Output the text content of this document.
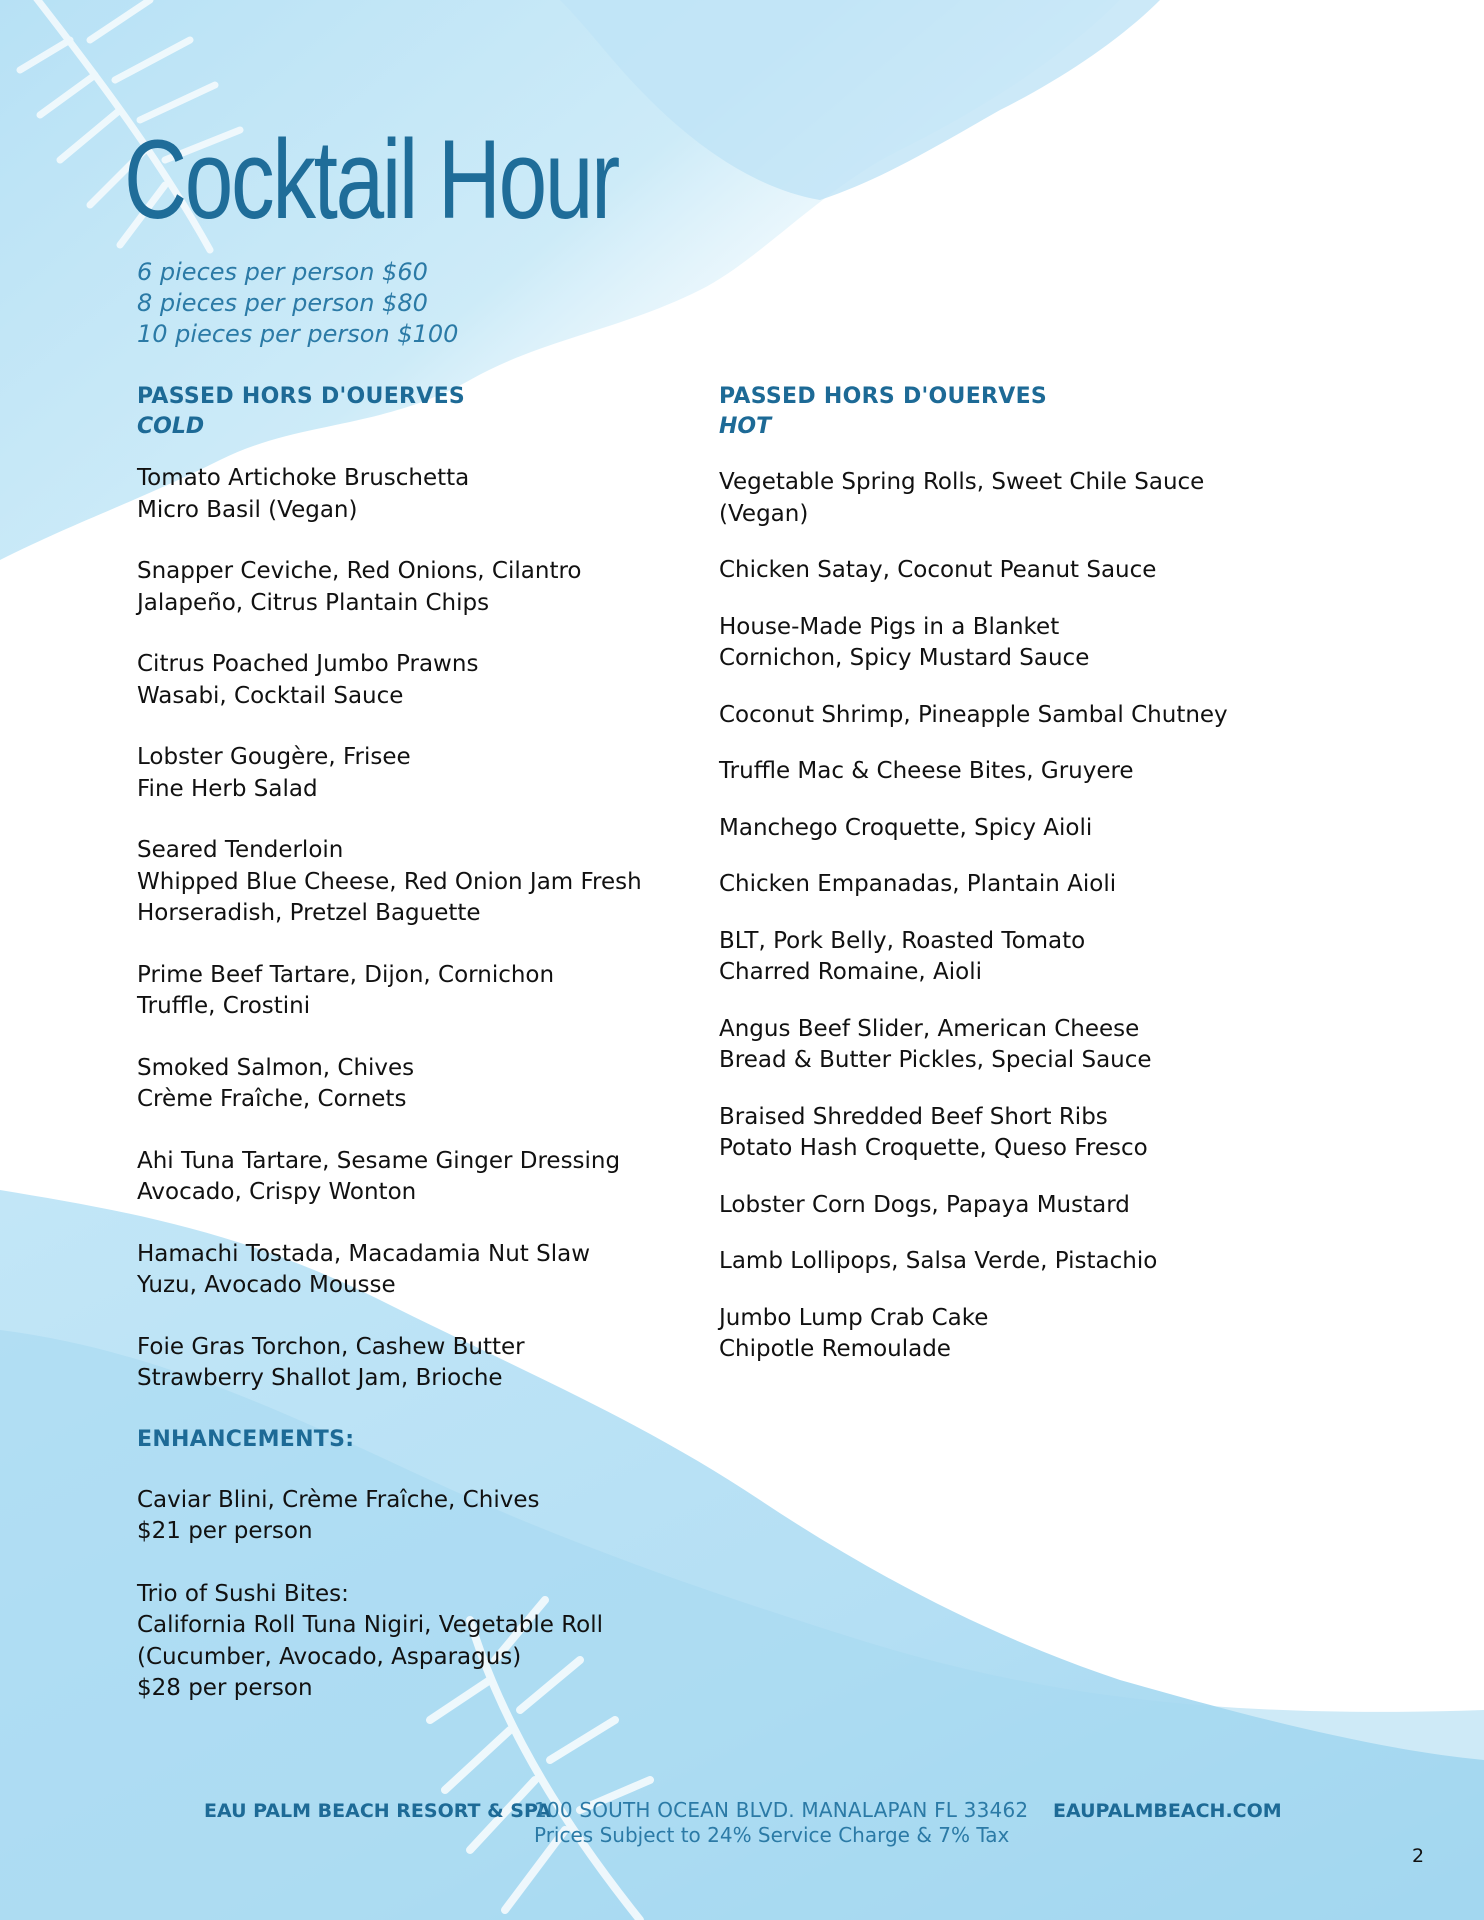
Cocktail Hour
6 pieces per person $60
8 pieces per person $80
10 pieces per person $100
PASSED HORS D'OUERVES
COLD
Tomato Artichoke Bruschetta
Micro Basil (Vegan)
Snapper Ceviche, Red Onions, Cilantro
Jalapeño, Citrus Plantain Chips
Citrus Poached Jumbo Prawns
Wasabi, Cocktail Sauce
Lobster Gougère, Frisee
Fine Herb Salad
Seared Tenderloin
Whipped Blue Cheese, Red Onion Jam Fresh
Horseradish, Pretzel Baguette
Prime Beef Tartare, Dijon, Cornichon
Truffle, Crostini
Smoked Salmon, Chives
Crème Fraîche, Cornets
Ahi Tuna Tartare, Sesame Ginger Dressing
Avocado, Crispy Wonton
Hamachi Tostada, Macadamia Nut Slaw
Yuzu, Avocado Mousse
Foie Gras Torchon, Cashew Butter
Strawberry Shallot Jam, Brioche
ENHANCEMENTS:
Caviar Blini, Crème Fraîche, Chives
$21 per person
Trio of Sushi Bites:
California Roll Tuna Nigiri, Vegetable Roll
(Cucumber, Avocado, Asparagus)
$28 per person
PASSED HORS D'OUERVES
HOT
Vegetable Spring Rolls, Sweet Chile Sauce
(Vegan)
Chicken Satay, Coconut Peanut Sauce
House-Made Pigs in a Blanket
Cornichon, Spicy Mustard Sauce
Coconut Shrimp, Pineapple Sambal Chutney
Truffle Mac & Cheese Bites, Gruyere
Manchego Croquette, Spicy Aioli
Chicken Empanadas, Plantain Aioli
BLT, Pork Belly, Roasted Tomato
Charred Romaine, Aioli
Angus Beef Slider, American Cheese
Bread & Butter Pickles, Special Sauce
Braised Shredded Beef Short Ribs
Potato Hash Croquette, Queso Fresco
Lobster Corn Dogs, Papaya Mustard
Lamb Lollipops, Salsa Verde, Pistachio
Jumbo Lump Crab Cake
Chipotle Remoulade
EAU PALM BEACH RESORT & SPA
100 SOUTH OCEAN BLVD. MANALAPAN FL 33462 EAUPALMBEACH.COM
Prices Subject to 24% Service Charge & 7% Tax
2
